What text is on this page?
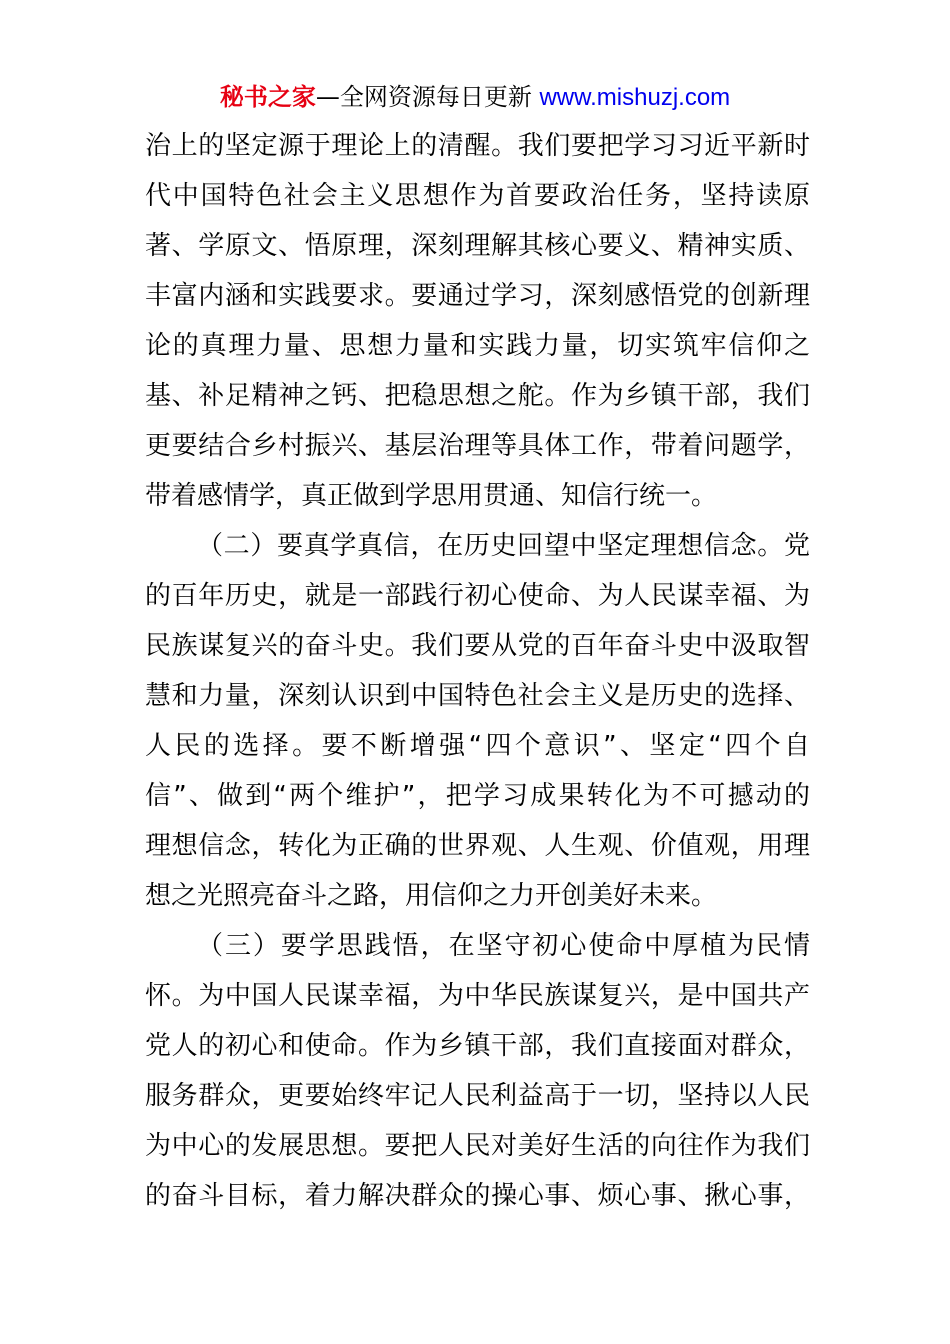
秘书之家—全网资源每日更新 www.mishuzj.com
治上的坚定源于理论上的清醒。我们要把学习习近平新时
代中国特色社会主义思想作为首要政治任务，坚持读原
著、学原文、悟原理，深刻理解其核心要义、精神实质、
丰富内涵和实践要求。要通过学习，深刻感悟党的创新理
论的真理力量、思想力量和实践力量，切实筑牢信仰之
基、补足精神之钙、把稳思想之舵。作为乡镇干部，我们
更要结合乡村振兴、基层治理等具体工作，带着问题学，
带着感情学，真正做到学思用贯通、知信行统一。
（二）要真学真信，在历史回望中坚定理想信念。党
的百年历史，就是一部践行初心使命、为人民谋幸福、为
民族谋复兴的奋斗史。我们要从党的百年奋斗史中汲取智
慧和力量，深刻认识到中国特色社会主义是历史的选择、
人民的选择。要不断增强“四个意识”、坚定“四个自
信”、做到“两个维护”，把学习成果转化为不可撼动的
理想信念，转化为正确的世界观、人生观、价值观，用理
想之光照亮奋斗之路，用信仰之力开创美好未来。
（三）要学思践悟，在坚守初心使命中厚植为民情
怀。为中国人民谋幸福，为中华民族谋复兴，是中国共产
党人的初心和使命。作为乡镇干部，我们直接面对群众，
服务群众，更要始终牢记人民利益高于一切，坚持以人民
为中心的发展思想。要把人民对美好生活的向往作为我们
的奋斗目标，着力解决群众的操心事、烦心事、揪心事，
